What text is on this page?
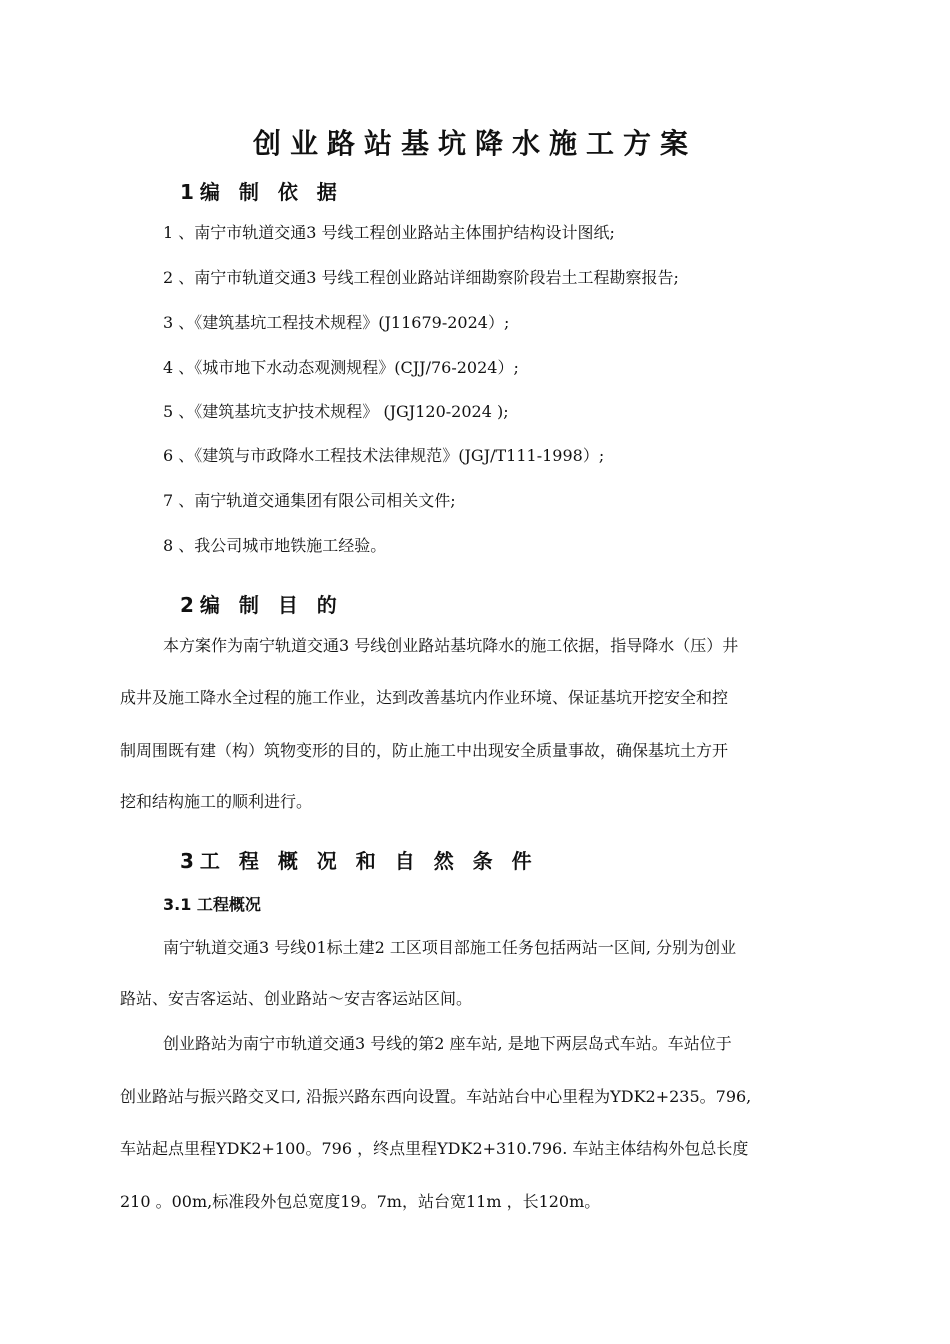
创业路站基坑降水施工方案
1编 制 依 据
1 、南宁市轨道交通3 号线工程创业路站主体围护结构设计图纸;
2 、南宁市轨道交通3 号线工程创业路站详细勘察阶段岩土工程勘察报告;
3 、《建筑基坑工程技术规程》(J11679-2024）;
4 、《城市地下水动态观测规程》(CJJ/76-2024）;
5 、《建筑基坑支护技术规程》 (JGJ120-2024 );
6 、《建筑与市政降水工程技术法律规范》(JGJ/T111-1998）;
7 、南宁轨道交通集团有限公司相关文件;
8 、我公司城市地铁施工经验。
2编 制 目 的
本方案作为南宁轨道交通3 号线创业路站基坑降水的施工依据，指导降水（压）井
成井及施工降水全过程的施工作业，达到改善基坑内作业环境、保证基坑开挖安全和控
制周围既有建（构）筑物变形的目的，防止施工中出现安全质量事故，确保基坑土方开
挖和结构施工的顺利进行。
3工 程 概 况 和 自 然 条 件
3.1 工程概况
南宁轨道交通3 号线01标土建2 工区项目部施工任务包括两站一区间, 分别为创业
路站、安吉客运站、创业路站～安吉客运站区间。
创业路站为南宁市轨道交通3 号线的第2 座车站, 是地下两层岛式车站。车站位于
创业路站与振兴路交叉口, 沿振兴路东西向设置。车站站台中心里程为YDK2+235。796,
车站起点里程YDK2+100。796 ，终点里程YDK2+310.796. 车站主体结构外包总长度
210 。00m,标准段外包总宽度19。7m，站台宽11m ，长120m。
